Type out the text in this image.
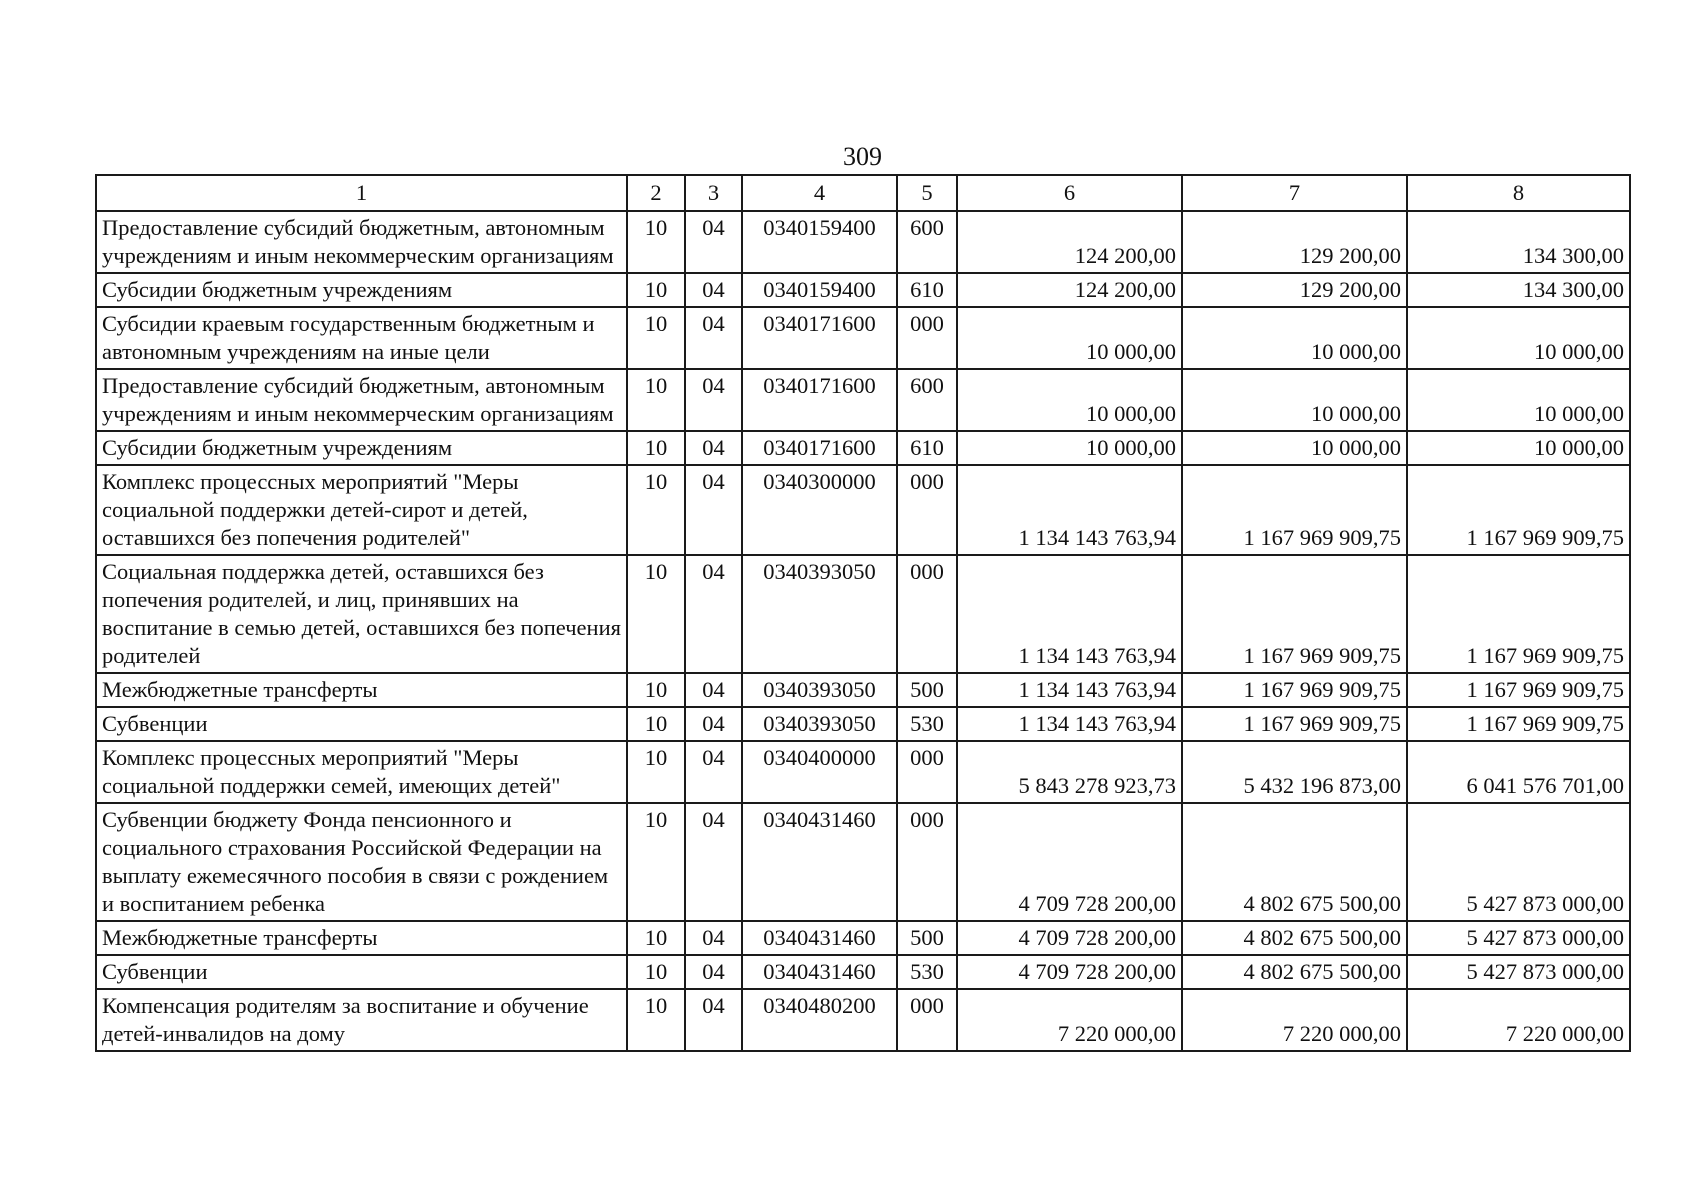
309
1	2	3	4	5	6	7	8
Предоставление субсидий бюджетным, автономным учреждениям и иным некоммерческим организациям	10	04	0340159400	600	124 200,00	129 200,00	134 300,00
Субсидии бюджетным учреждениям	10	04	0340159400	610	124 200,00	129 200,00	134 300,00
Субсидии краевым государственным бюджетным и автономным учреждениям на иные цели	10	04	0340171600	000	10 000,00	10 000,00	10 000,00
Предоставление субсидий бюджетным, автономным учреждениям и иным некоммерческим организациям	10	04	0340171600	600	10 000,00	10 000,00	10 000,00
Субсидии бюджетным учреждениям	10	04	0340171600	610	10 000,00	10 000,00	10 000,00
Комплекс процессных мероприятий "Меры социальной поддержки детей-сирот и детей, оставшихся без попечения родителей"	10	04	0340300000	000	1 134 143 763,94	1 167 969 909,75	1 167 969 909,75
Социальная поддержка детей, оставшихся без попечения родителей, и лиц, принявших на воспитание в семью детей, оставшихся без попечения родителей	10	04	0340393050	000	1 134 143 763,94	1 167 969 909,75	1 167 969 909,75
Межбюджетные трансферты	10	04	0340393050	500	1 134 143 763,94	1 167 969 909,75	1 167 969 909,75
Субвенции	10	04	0340393050	530	1 134 143 763,94	1 167 969 909,75	1 167 969 909,75
Комплекс процессных мероприятий "Меры социальной поддержки семей, имеющих детей"	10	04	0340400000	000	5 843 278 923,73	5 432 196 873,00	6 041 576 701,00
Субвенции бюджету Фонда пенсионного и социального страхования Российской Федерации на выплату ежемесячного пособия в связи с рождением и воспитанием ребенка	10	04	0340431460	000	4 709 728 200,00	4 802 675 500,00	5 427 873 000,00
Межбюджетные трансферты	10	04	0340431460	500	4 709 728 200,00	4 802 675 500,00	5 427 873 000,00
Субвенции	10	04	0340431460	530	4 709 728 200,00	4 802 675 500,00	5 427 873 000,00
Компенсация родителям за воспитание и обучение детей-инвалидов на дому	10	04	0340480200	000	7 220 000,00	7 220 000,00	7 220 000,00
